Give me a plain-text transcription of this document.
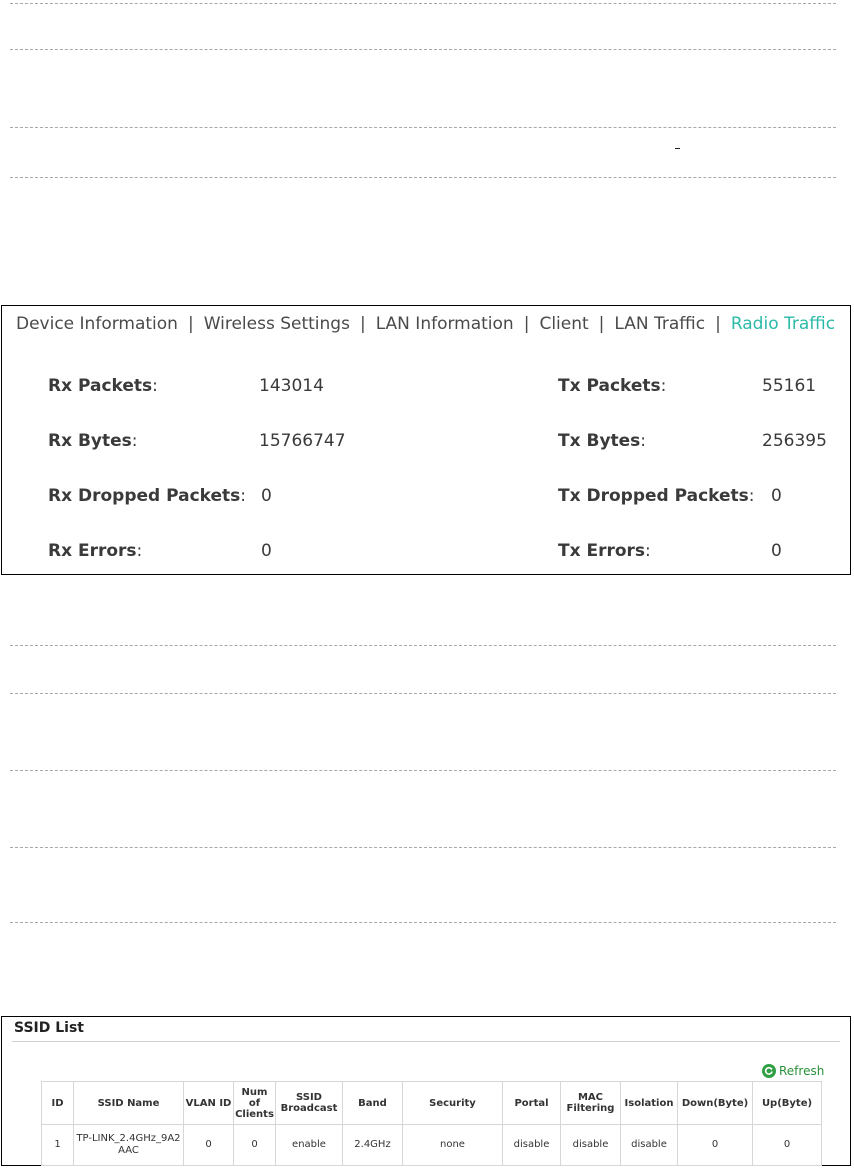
Device Information | Wireless Settings | LAN Information | Client | LAN Traffic | Radio Traffic
Rx Packets:	143014
Rx Bytes:	15766747
Rx Dropped Packets: 0
Rx Errors:	0
Tx Packets:	55161
Tx Bytes:	256395
Tx Dropped Packets: 0
Tx Errors:	0
SSID List
Refresh
ID	SSID Name	VLAN ID	Num of Clients	SSID Broadcast	Band	Security	Portal	MAC Filtering	Isolation	Down(Byte)	Up(Byte)
1	TP-LINK_2.4GHz_9A2AAC	0	0	enable	2.4GHz	none	disable	disable	disable	0	0
